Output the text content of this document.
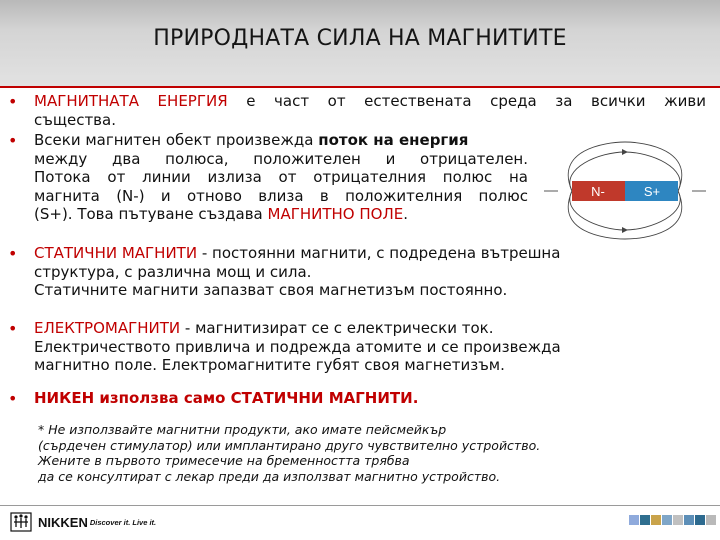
ПРИРОДНАТА СИЛА НА МАГНИТИТЕ
• МАГНИТНАТА ЕНЕРГИЯ е част от естествената среда за всички живи
същества.
• Всеки магнитен обект произвежда поток на енергия
между два полюса, положителен и отрицателен.
Потока от линии излиза от отрицателния полюс на
магнита (N-) и отново влиза в положителния полюс
(S+). Това пътуване създава МАГНИТНО ПОЛЕ.
N-	S+
• СТАТИЧНИ МАГНИТИ - постоянни магнити, с подредена вътрешна
структура, с различна мощ и сила.
Статичните магнити запазват своя магнетизъм постоянно.
• ЕЛЕКТРОМАГНИТИ - магнитизират се с електрически ток.
Електричеството привлича и подрежда атомите и се произвежда
магнитно поле. Електромагнитите губят своя магнетизъм.
• НИКЕН използва само СТАТИЧНИ МАГНИТИ.
* Не използвайте магнитни продукти, ако имате пейсмейкър
(сърдечен стимулатор) или имплантирано друго чувствително устройство.
Жените в първото тримесечие на бременността трябва
да се консултират с лекар преди да използват магнитно устройство.
NIKKEN Discover it. Live it.
